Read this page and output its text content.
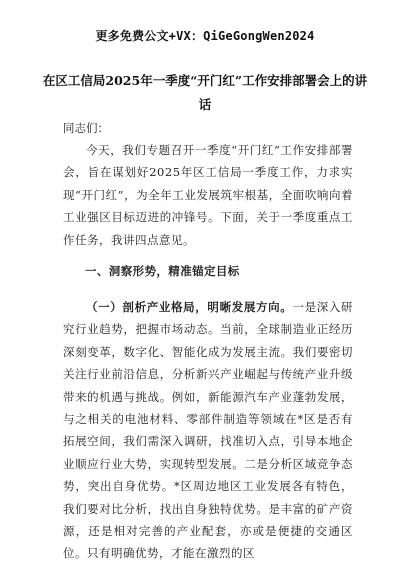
更多免费公文+VX：QiGeGongWen2024
在区工信局2025年一季度“开门红”工作安排部署会上的讲话
同志们：
今天，我们专题召开一季度“开门红”工作安排部署会，旨在谋划好2025年区工信局一季度工作，力求实现“开门红”，为全年工业发展筑牢根基，全面吹响向着工业强区目标迈进的冲锋号。下面，关于一季度重点工作任务，我讲四点意见。
一、洞察形势，精准锚定目标
（一）剖析产业格局，明晰发展方向。一是深入研究行业趋势，把握市场动态。当前，全球制造业正经历深刻变革，数字化、智能化成为发展主流。我们要密切关注行业前沿信息，分析新兴产业崛起与传统产业升级带来的机遇与挑战。例如，新能源汽车产业蓬勃发展，与之相关的电池材料、零部件制造等领域在*区是否有拓展空间，我们需深入调研，找准切入点，引导本地企业顺应行业大势，实现转型发展。二是分析区域竞争态势，突出自身优势。*区周边地区工业发展各有特色，我们要对比分析，找出自身独特优势。是丰富的矿产资源，还是相对完善的产业配套，亦或是便捷的交通区位。只有明确优势，才能在激烈的区
